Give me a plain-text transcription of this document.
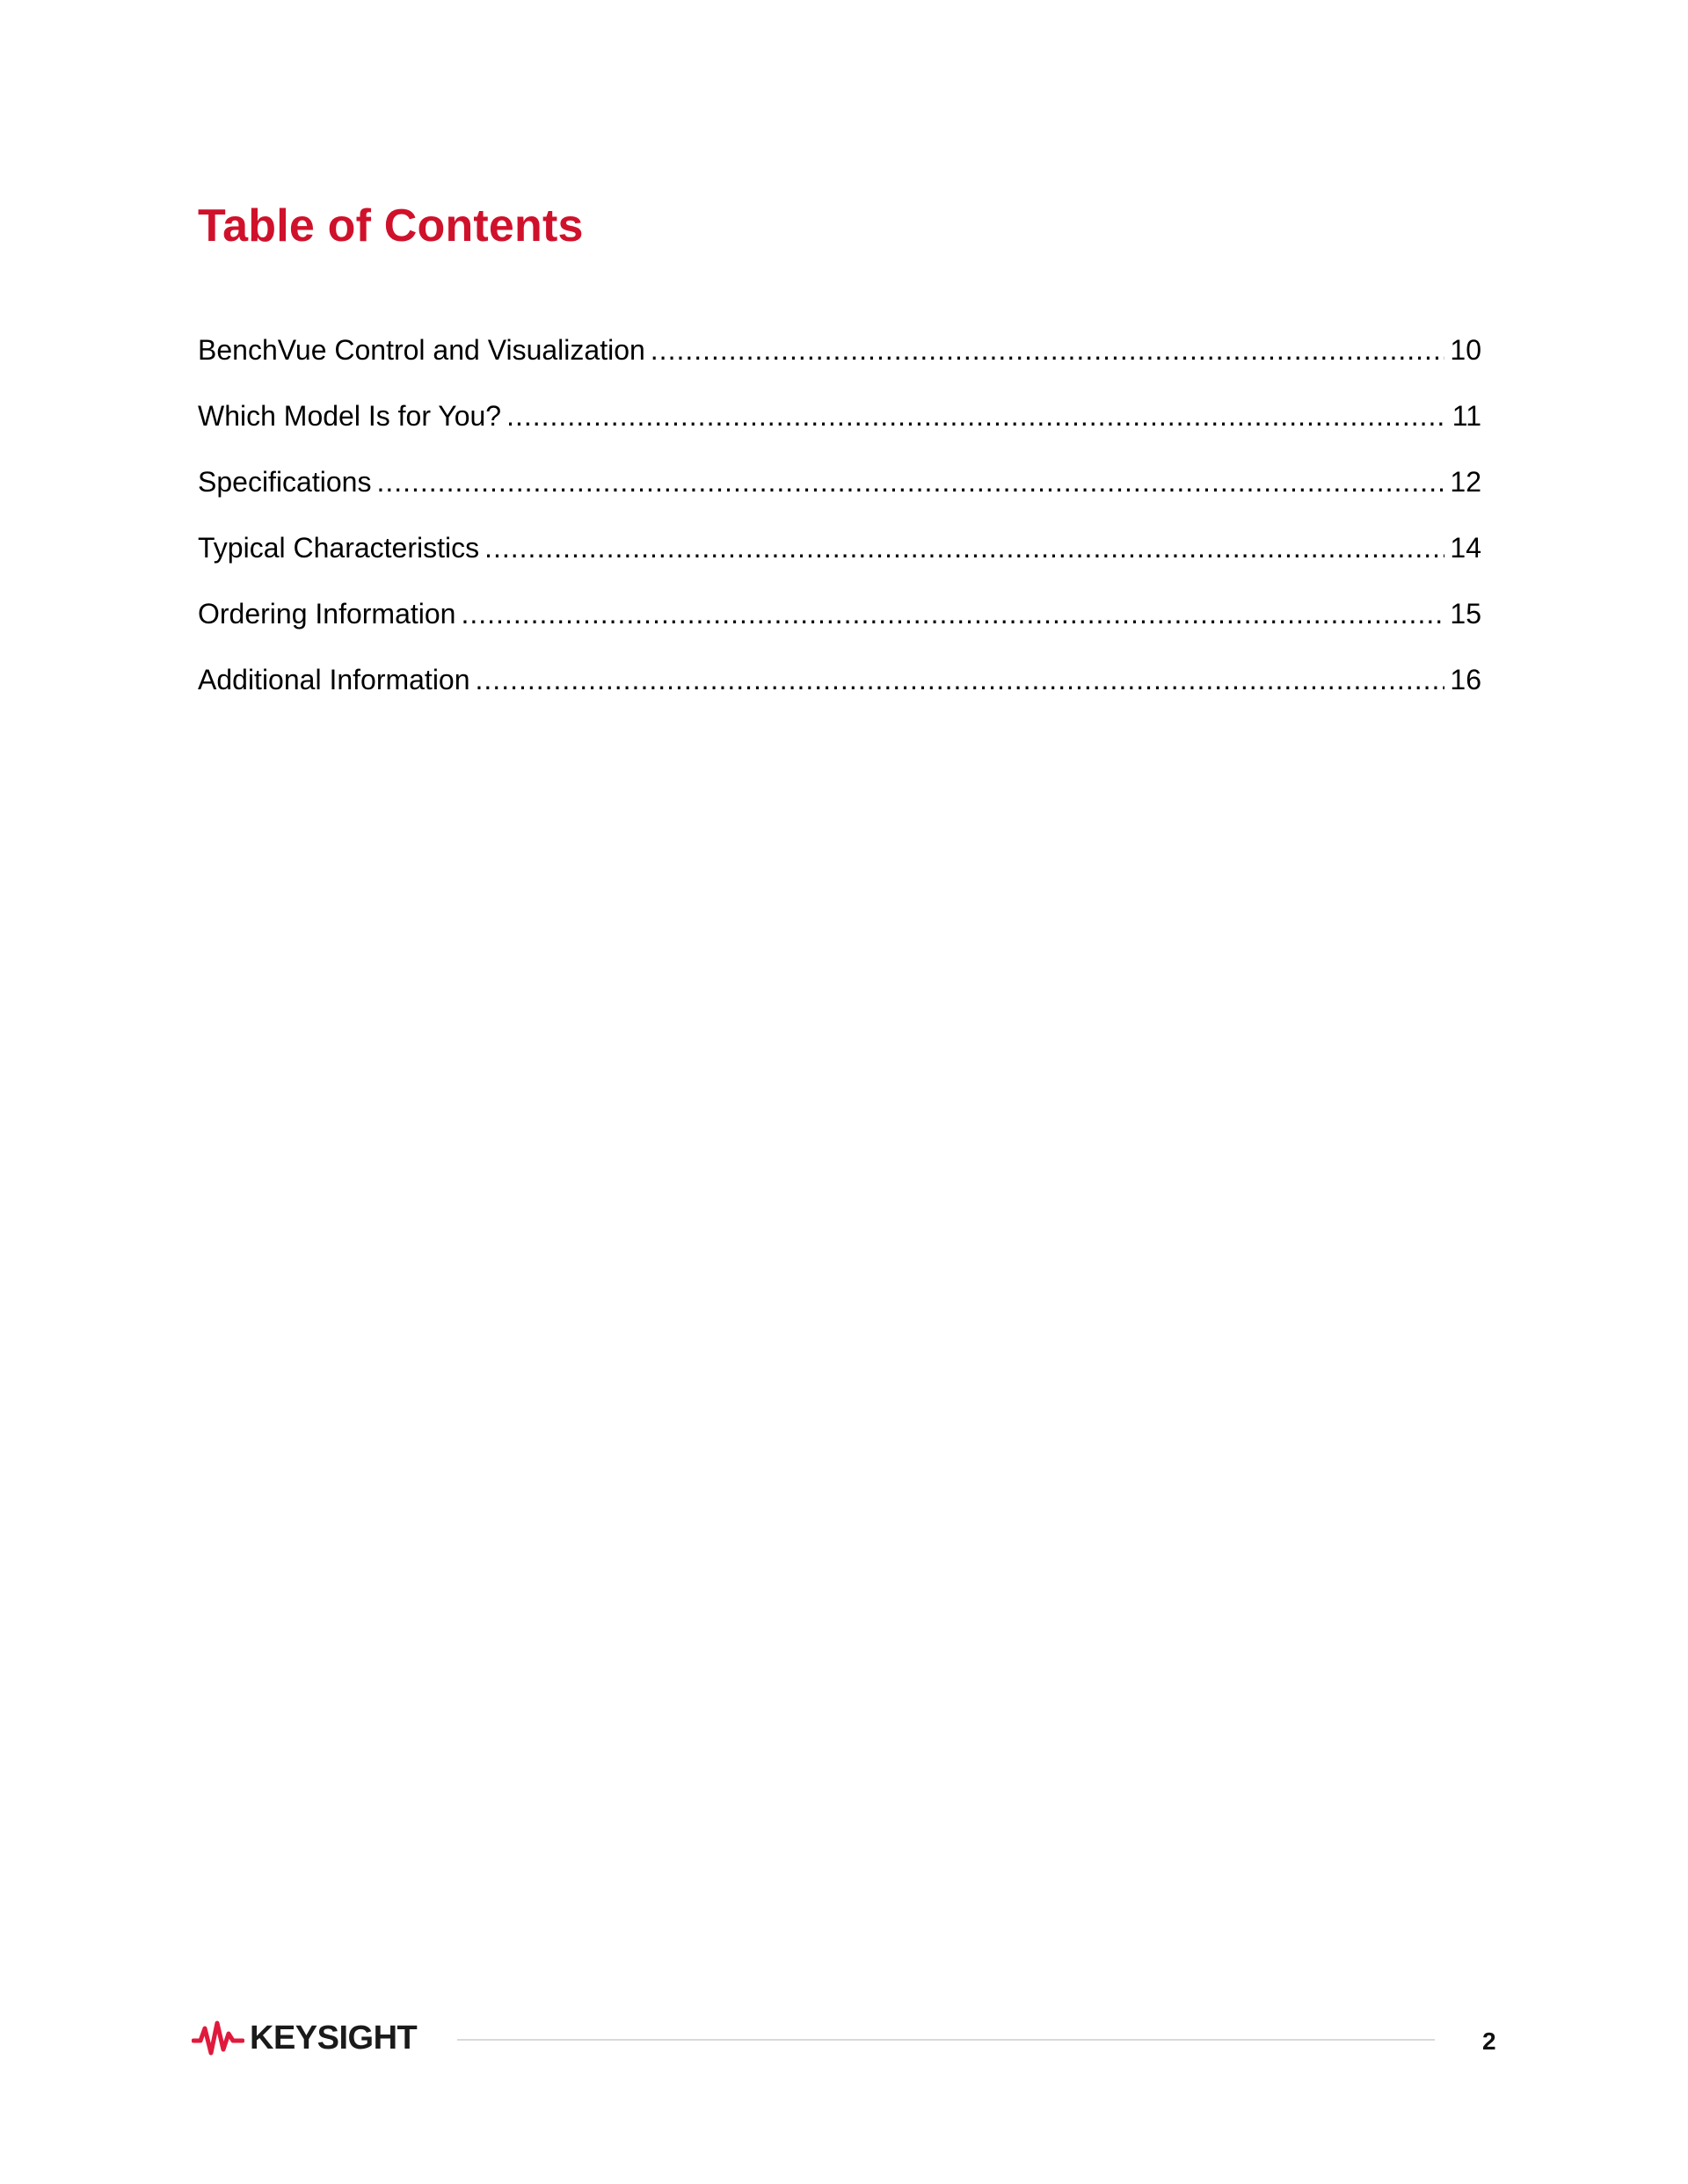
Table of Contents
BenchVue Control and Visualization .....	10
Which Model Is for You? .....	11
Specifications .....	12
Typical Characteristics .....	14
Ordering Information .....	15
Additional Information .....	16
KEYSIGHT	2
